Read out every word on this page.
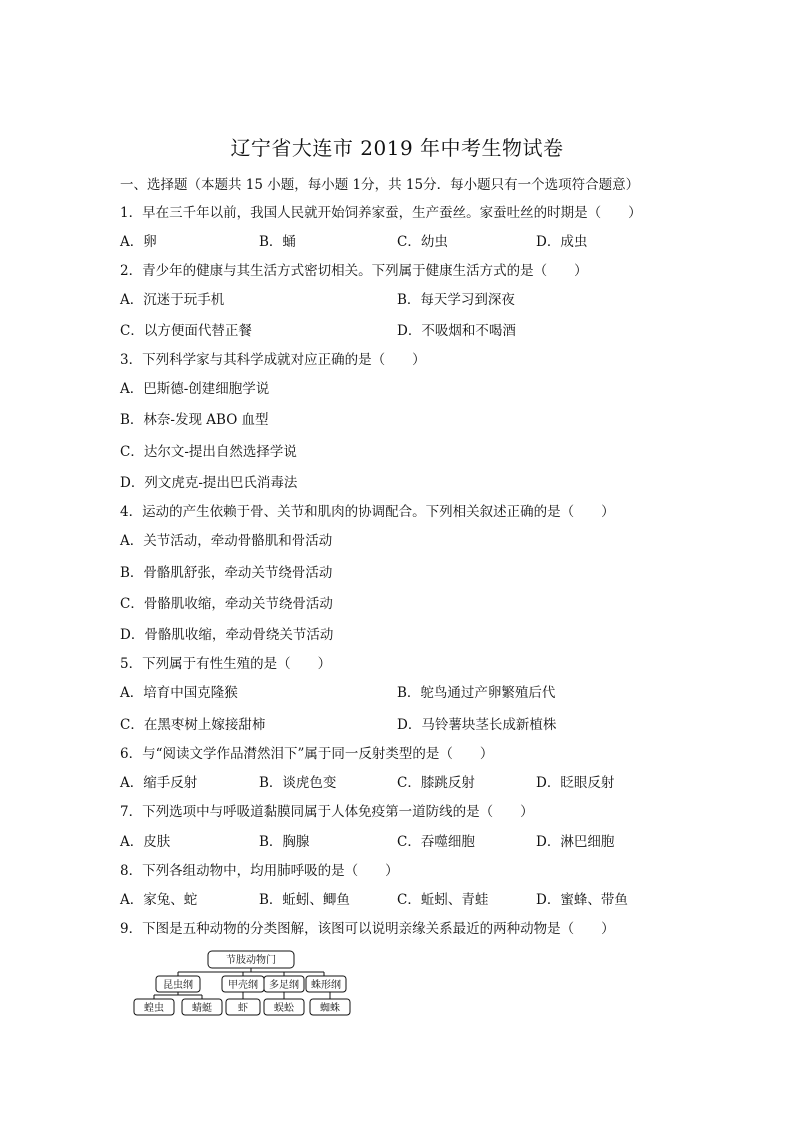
辽宁省大连市 2019 年中考生物试卷
一、选择题（本题共 15 小题，每小题 1分，共 15分．每小题只有一个选项符合题意）
1．早在三千年以前，我国人民就开始饲养家蚕，生产蚕丝。家蚕吐丝的时期是（　　）
A．卵	B．蛹	C．幼虫	D．成虫
2．青少年的健康与其生活方式密切相关。下列属于健康生活方式的是（　　）
A．沉迷于玩手机	B．每天学习到深夜
C．以方便面代替正餐	D．不吸烟和不喝酒
3．下列科学家与其科学成就对应正确的是（　　）
A．巴斯德-创建细胞学说
B．林奈-发现 ABO 血型
C．达尔文-提出自然选择学说
D．列文虎克-提出巴氏消毒法
4．运动的产生依赖于骨、关节和肌肉的协调配合。下列相关叙述正确的是（　　）
A．关节活动，牵动骨骼肌和骨活动
B．骨骼肌舒张，牵动关节绕骨活动
C．骨骼肌收缩，牵动关节绕骨活动
D．骨骼肌收缩，牵动骨绕关节活动
5．下列属于有性生殖的是（　　）
A．培育中国克隆猴	B．鸵鸟通过产卵繁殖后代
C．在黑枣树上嫁接甜柿	D．马铃薯块茎长成新植株
6．与“阅读文学作品潸然泪下”属于同一反射类型的是（　　）
A．缩手反射	B．谈虎色变	C．膝跳反射	D．眨眼反射
7．下列选项中与呼吸道黏膜同属于人体免疫第一道防线的是（　　）
A．皮肤	B．胸腺	C．吞噬细胞	D．淋巴细胞
8．下列各组动物中，均用肺呼吸的是（　　）
A．家兔、蛇	B．蚯蚓、鲫鱼	C．蚯蚓、青蛙	D．蜜蜂、带鱼
9．下图是五种动物的分类图解，该图可以说明亲缘关系最近的两种动物是（　　）
节肢动物门
昆虫纲	甲壳纲 多足纲 蛛形纲
蝗虫	蜻蜓	虾	蜈蚣	蜘蛛
